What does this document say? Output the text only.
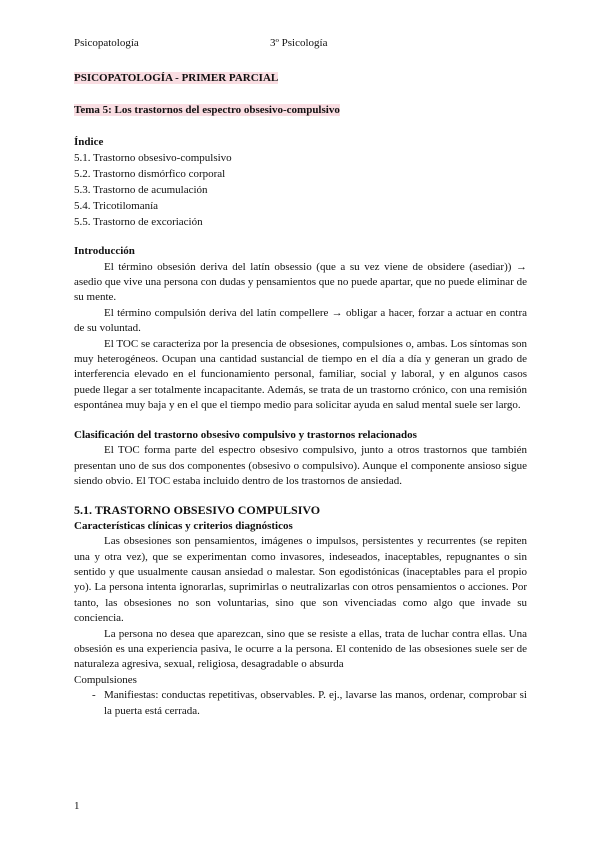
Psicopatología	3º Psicología

PSICOPATOLOGÍA - PRIMER PARCIAL

Tema 5: Los trastornos del espectro obsesivo-compulsivo

Índice

5.1. Trastorno obsesivo-compulsivo
5.2. Trastorno dismórfico corporal
5.3. Trastorno de acumulación
5.4. Tricotilomanía
5.5. Trastorno de excoriación

Introducción

El término obsesión deriva del latín obsessio (que a su vez viene de obsidere (asediar)) → asedio que vive una persona con dudas y pensamientos que no puede apartar, que no puede eliminar de su mente.

El término compulsión deriva del latín compellere → obligar a hacer, forzar a actuar en contra de su voluntad.

El TOC se caracteriza por la presencia de obsesiones, compulsiones o, ambas. Los síntomas son muy heterogéneos. Ocupan una cantidad sustancial de tiempo en el día a día y generan un grado de interferencia elevado en el funcionamiento personal, familiar, social y laboral, y en algunos casos puede llegar a ser totalmente incapacitante. Además, se trata de un trastorno crónico, con una remisión espontánea muy baja y en el que el tiempo medio para solicitar ayuda en salud mental suele ser largo.

Clasificación del trastorno obsesivo compulsivo y trastornos relacionados

El TOC forma parte del espectro obsesivo compulsivo, junto a otros trastornos que también presentan uno de sus dos componentes (obsesivo o compulsivo). Aunque el componente ansioso sigue siendo obvio. El TOC estaba incluido dentro de los trastornos de ansiedad.

5.1. TRASTORNO OBSESIVO COMPULSIVO

Características clínicas y criterios diagnósticos

Las obsesiones son pensamientos, imágenes o impulsos, persistentes y recurrentes (se repiten una y otra vez), que se experimentan como invasores, indeseados, inaceptables, repugnantes o sin sentido y que usualmente causan ansiedad o malestar. Son egodistónicas (inaceptables para el propio yo). La persona intenta ignorarlas, suprimirlas o neutralizarlas con otros pensamientos o acciones. Por tanto, las obsesiones no son voluntarias, sino que son vivenciadas como algo que invade su conciencia.

La persona no desea que aparezcan, sino que se resiste a ellas, trata de luchar contra ellas. Una obsesión es una experiencia pasiva, le ocurre a la persona. El contenido de las obsesiones suele ser de naturaleza agresiva, sexual, religiosa, desagradable o absurda

Compulsiones

- Manifiestas: conductas repetitivas, observables. P. ej., lavarse las manos, ordenar, comprobar si la puerta está cerrada.
1
